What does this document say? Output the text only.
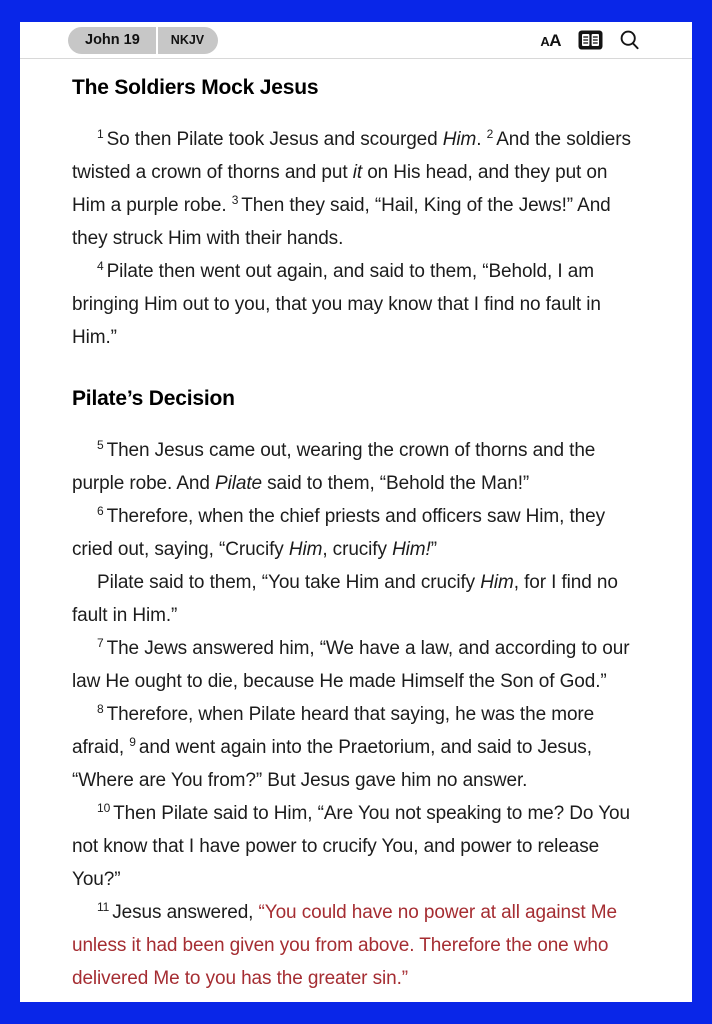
John 19	NKJV	AA
The Soldiers Mock Jesus

$^1$ So then Pilate took Jesus and scourged Him. $^2$ And the soldiers twisted a crown of thorns and put it on His head, and they put on Him a purple robe. $^3$ Then they said, “Hail, King of the Jews!” And they struck Him with their hands.

$^4$ Pilate then went out again, and said to them, “Behold, I am bringing Him out to you, that you may know that I find no fault in Him.”

Pilate’s Decision

$^5$ Then Jesus came out, wearing the crown of thorns and the purple robe. And Pilate said to them, “Behold the Man!”

$^6$ Therefore, when the chief priests and officers saw Him, they cried out, saying, “Crucify Him, crucify Him!”

Pilate said to them, “You take Him and crucify Him, for I find no fault in Him.”

$^7$ The Jews answered him, “We have a law, and according to our law He ought to die, because He made Himself the Son of God.”

$^8$ Therefore, when Pilate heard that saying, he was the more afraid, $^9$ and went again into the Praetorium, and said to Jesus, “Where are You from?” But Jesus gave him no answer.

$^{10}$ Then Pilate said to Him, “Are You not speaking to me? Do You not know that I have power to crucify You, and power to release You?”

$^{11}$ Jesus answered, “You could have no power at all against Me unless it had been given you from above. Therefore the one who delivered Me to you has the greater sin.”
